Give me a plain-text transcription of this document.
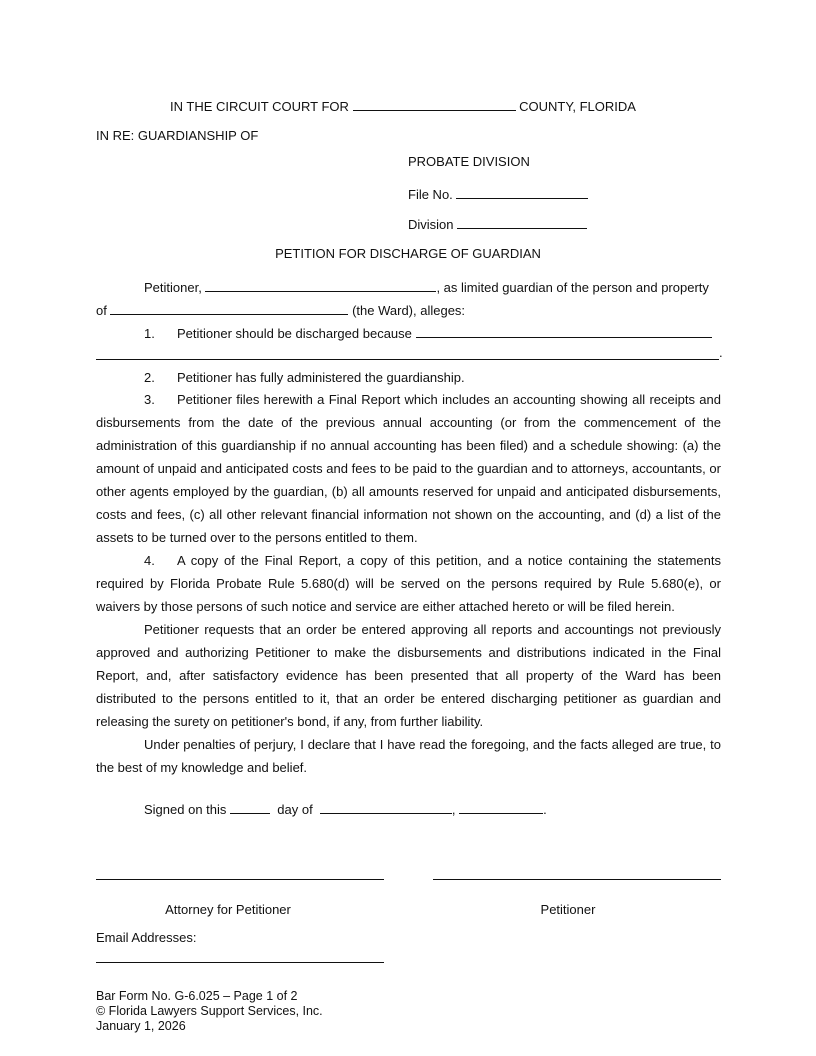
IN THE CIRCUIT COURT FOR	COUNTY, FLORIDA
IN RE: GUARDIANSHIP OF
PROBATE DIVISION
File No.
Division
PETITION FOR DISCHARGE OF GUARDIAN
Petitioner,	, as limited guardian of the person and property
of	(the Ward), alleges:
1. Petitioner should be discharged because
.
2. Petitioner has fully administered the guardianship.
3. Petitioner files herewith a Final Report which includes an accounting showing all receipts and disbursements from the date of the previous annual accounting (or from the commencement of the administration of this guardianship if no annual accounting has been filed) and a schedule showing: (a) the amount of unpaid and anticipated costs and fees to be paid to the guardian and to attorneys, accountants, or other agents employed by the guardian, (b) all amounts reserved for unpaid and anticipated disbursements, costs and fees, (c) all other relevant financial information not shown on the accounting, and (d) a list of the assets to be turned over to the persons entitled to them.
4. A copy of the Final Report, a copy of this petition, and a notice containing the statements required by Florida Probate Rule 5.680(d) will be served on the persons required by Rule 5.680(e), or waivers by those persons of such notice and service are either attached hereto or will be filed herein.
Petitioner requests that an order be entered approving all reports and accountings not previously approved and authorizing Petitioner to make the disbursements and distributions indicated in the Final Report, and, after satisfactory evidence has been presented that all property of the Ward has been distributed to the persons entitled to it, that an order be entered discharging petitioner as guardian and releasing the surety on petitioner's bond, if any, from further liability.
Under penalties of perjury, I declare that I have read the foregoing, and the facts alleged are true, to the best of my knowledge and belief.
Signed on this	day of	,	.
Attorney for Petitioner	Petitioner
Email Addresses:
Bar Form No. G-6.025 – Page 1 of 2
© Florida Lawyers Support Services, Inc.
January 1, 2026
